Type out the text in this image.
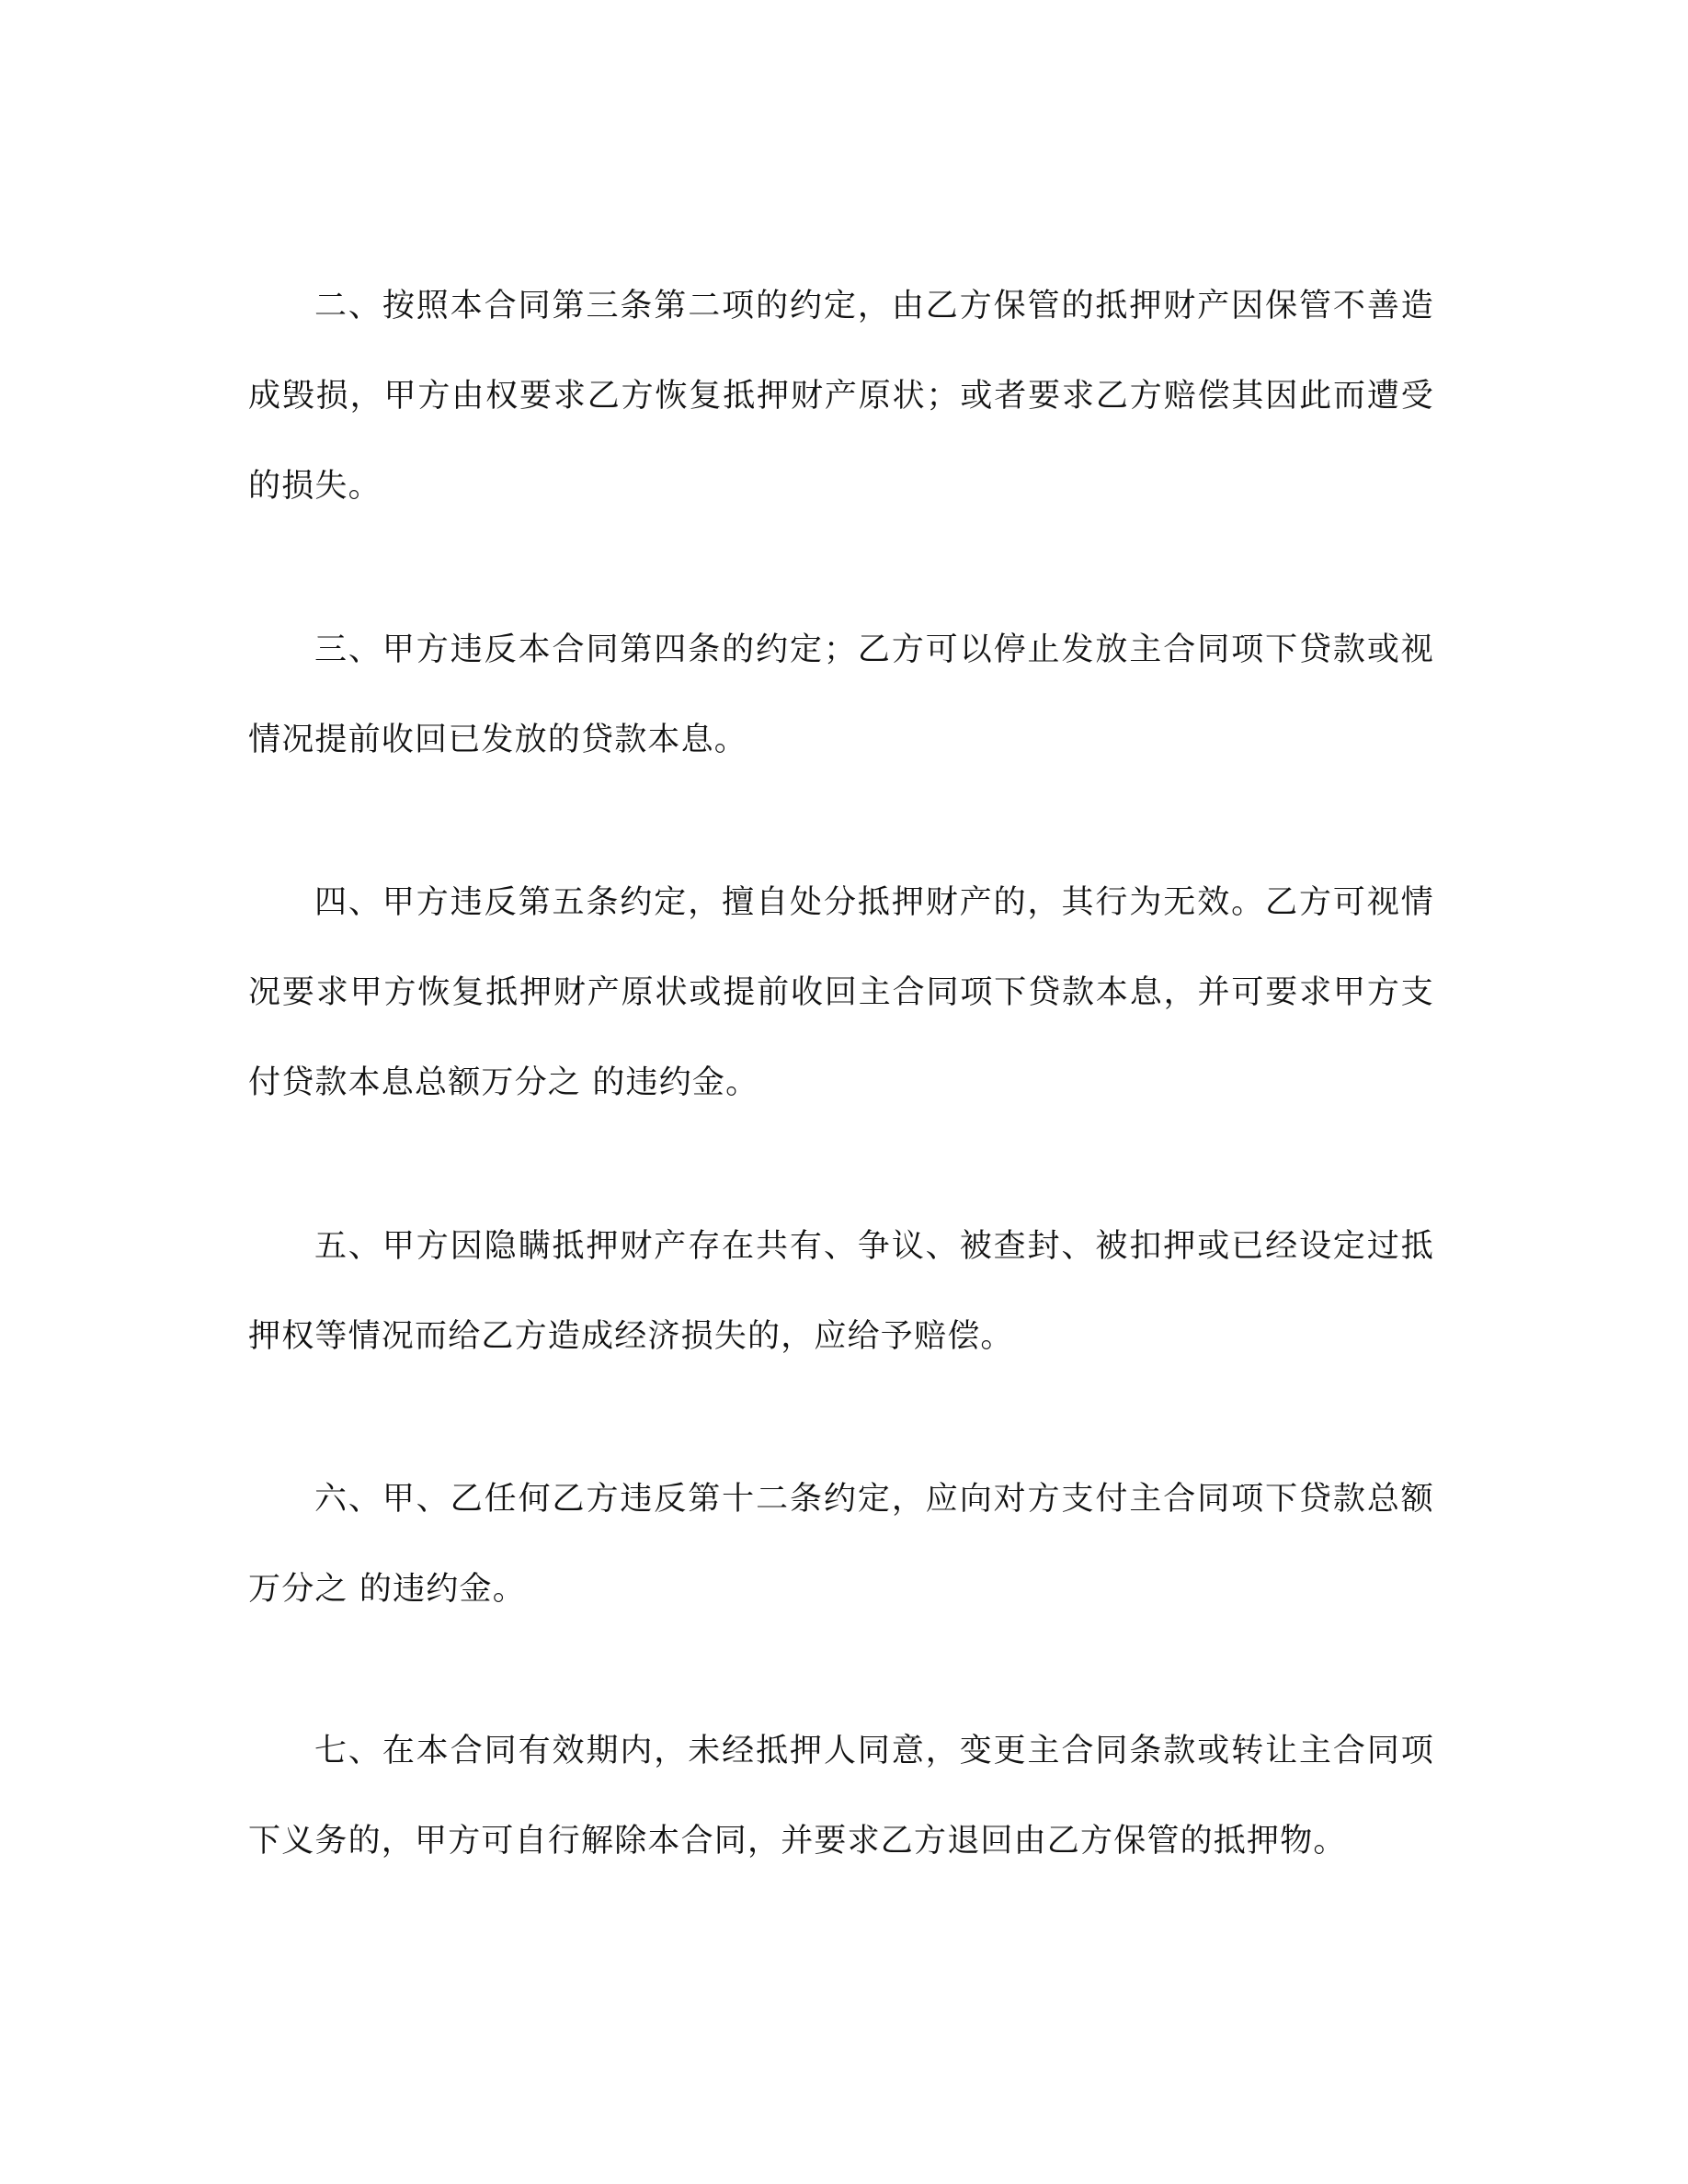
二、按照本合同第三条第二项的约定，由乙方保管的抵押财产因保管不善造成毁损，甲方由权要求乙方恢复抵押财产原状；或者要求乙方赔偿其因此而遭受的损失。

三、甲方违反本合同第四条的约定；乙方可以停止发放主合同项下贷款或视情况提前收回已发放的贷款本息。

四、甲方违反第五条约定，擅自处分抵押财产的，其行为无效。乙方可视情况要求甲方恢复抵押财产原状或提前收回主合同项下贷款本息，并可要求甲方支付贷款本息总额万分之 的违约金。

五、甲方因隐瞒抵押财产存在共有、争议、被查封、被扣押或已经设定过抵押权等情况而给乙方造成经济损失的，应给予赔偿。

六、甲、乙任何乙方违反第十二条约定，应向对方支付主合同项下贷款总额万分之 的违约金。

七、在本合同有效期内，未经抵押人同意，变更主合同条款或转让主合同项下义务的，甲方可自行解除本合同，并要求乙方退回由乙方保管的抵押物。
